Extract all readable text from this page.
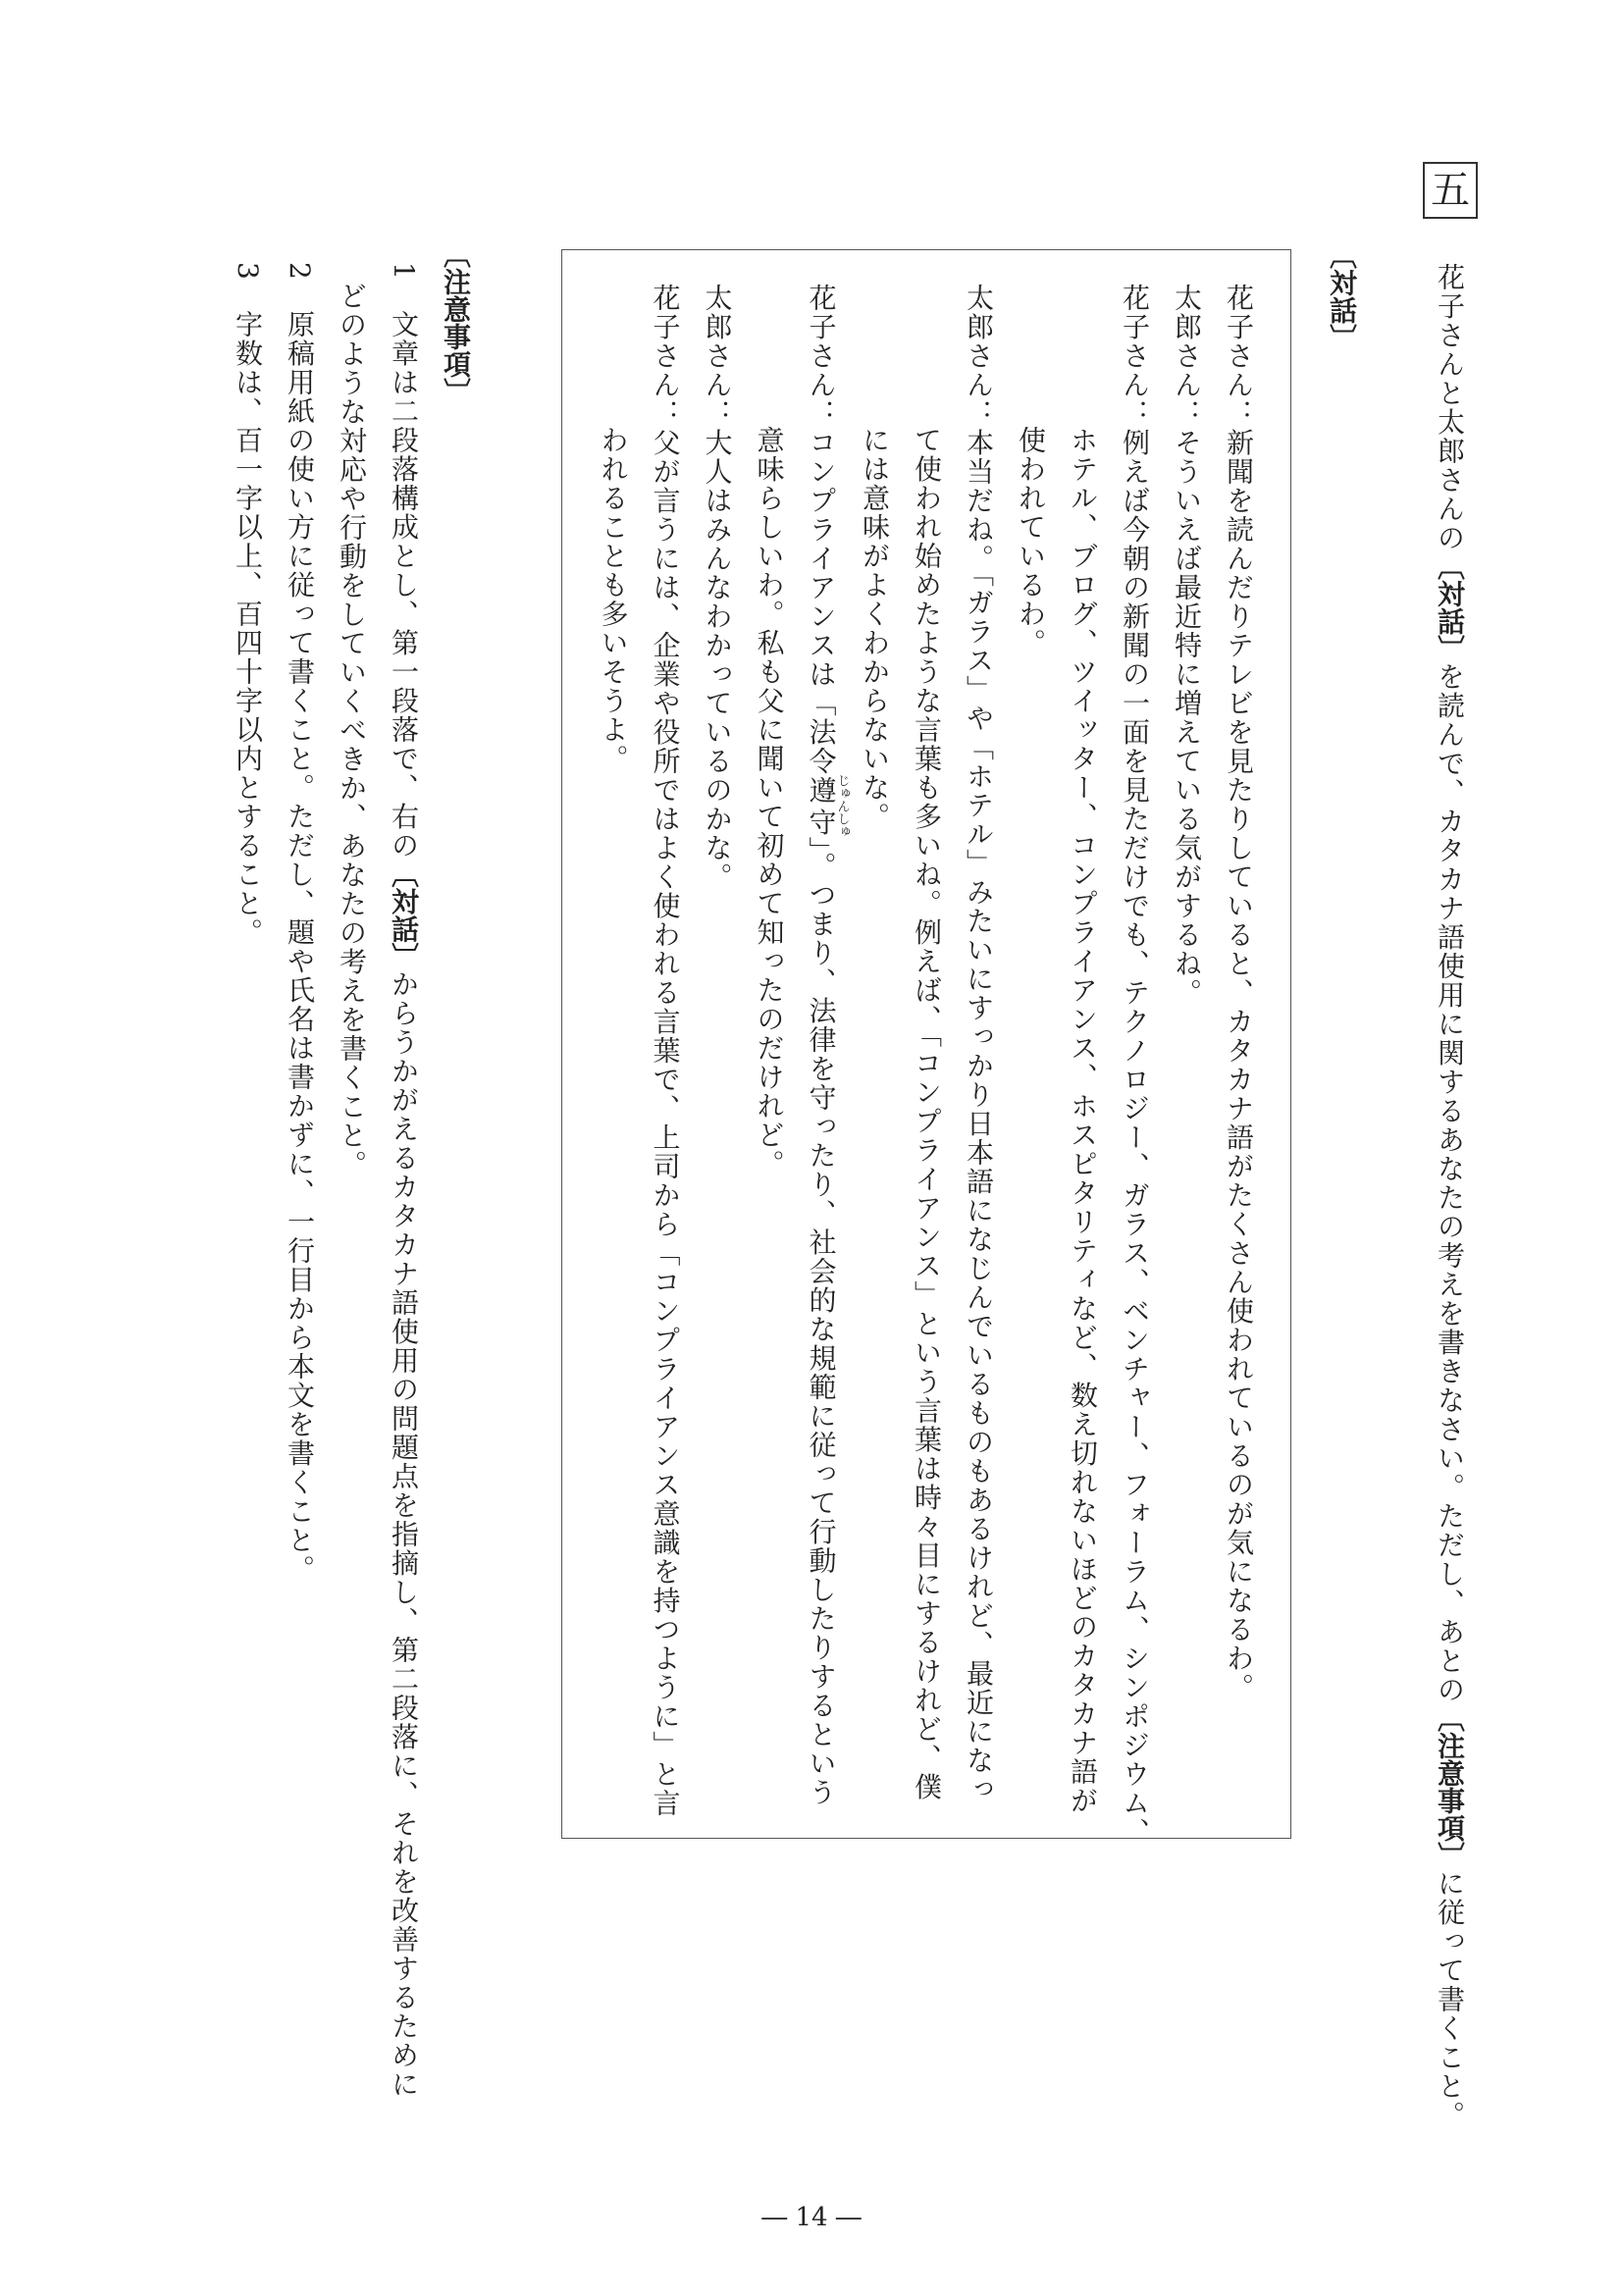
五
花子さんと太郎さんの〔対話〕を読んで、カタカナ語使用に関するあなたの考えを書きなさい。ただし、あとの〔注意事項〕に従って書くこと。
〔対話〕
花子さん：新聞を読んだりテレビを見たりしていると、カタカナ語がたくさん使われているのが気になるわ。
太郎さん：そういえば最近特に増えている気がするね。
花子さん：例えば今朝の新聞の一面を見ただけでも、テクノロジー、ガラス、ベンチャー、フォーラム、シンポジウム、
ホテル、ブログ、ツイッター、コンプライアンス、ホスピタリティなど、数え切れないほどのカタカナ語が
使われているわ。
太郎さん：本当だね。「ガラス」や「ホテル」みたいにすっかり日本語になじんでいるものもあるけれど、最近になっ
て使われ始めたような言葉も多いね。例えば、「コンプライアンス」という言葉は時々目にするけれど、僕
には意味がよくわからないな。
花子さん：コンプライアンスは「法令遵守じゅんしゅ」。つまり、法律を守ったり、社会的な規範に従って行動したりするという
意味らしいわ。私も父に聞いて初めて知ったのだけれど。
太郎さん：大人はみんなわかっているのかな。
花子さん：父が言うには、企業や役所ではよく使われる言葉で、上司から「コンプライアンス意識を持つように」と言
われることも多いそうよ。
〔注意事項〕
1　文章は二段落構成とし、第一段落で、右の〔対話〕からうかがえるカタカナ語使用の問題点を指摘し、第二段落に、それを改善するために
どのような対応や行動をしていくべきか、あなたの考えを書くこと。
2　原稿用紙の使い方に従って書くこと。ただし、題や氏名は書かずに、一行目から本文を書くこと。
3　字数は、百一字以上、百四十字以内とすること。
― 14 ―
